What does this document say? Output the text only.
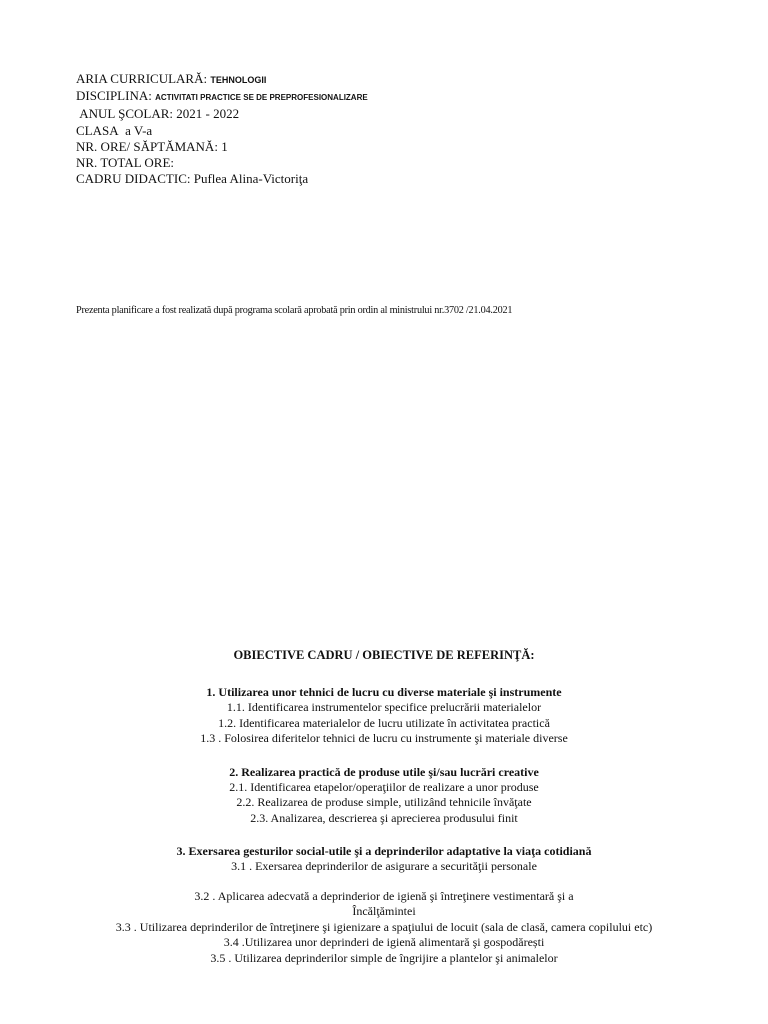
ARIA CURRICULARĂ: TEHNOLOGII
DISCIPLINA: ACTIVITATI PRACTICE SE DE PREPROFESIONALIZARE
ANUL ŞCOLAR: 2021 - 2022
CLASA a V-a
NR. ORE/ SĂPTĂMANĂ: 1
NR. TOTAL ORE:
CADRU DIDACTIC: Puflea Alina-Victoriţa
Prezenta planificare a fost realizată după programa scolară aprobată prin ordin al ministrului nr.3702 /21.04.2021
OBIECTIVE CADRU / OBIECTIVE DE REFERINŢĂ:
1. Utilizarea unor tehnici de lucru cu diverse materiale şi instrumente
1.1. Identificarea instrumentelor specifice prelucrării materialelor
1.2. Identificarea materialelor de lucru utilizate în activitatea practică
1.3 . Folosirea diferitelor tehnici de lucru cu instrumente şi materiale diverse
2. Realizarea practică de produse utile şi/sau lucrări creative
2.1. Identificarea etapelor/operaţiilor de realizare a unor produse
2.2. Realizarea de produse simple, utilizând tehnicile învăţate
2.3. Analizarea, descrierea şi aprecierea produsului finit
3. Exersarea gesturilor social-utile şi a deprinderilor adaptative la viaţa cotidiană
3.1 . Exersarea deprinderilor de asigurare a securităţii personale
3.2 . Aplicarea adecvată a deprinderior de igienă şi întreţinere vestimentară şi a
Încălţămintei
3.3 . Utilizarea deprinderilor de întreţinere şi igienizare a spaţiului de locuit (sala de clasă, camera copilului etc)
3.4 .Utilizarea unor deprinderi de igienă alimentară şi gospodărești
3.5 . Utilizarea deprinderilor simple de îngrijire a plantelor şi animalelor
